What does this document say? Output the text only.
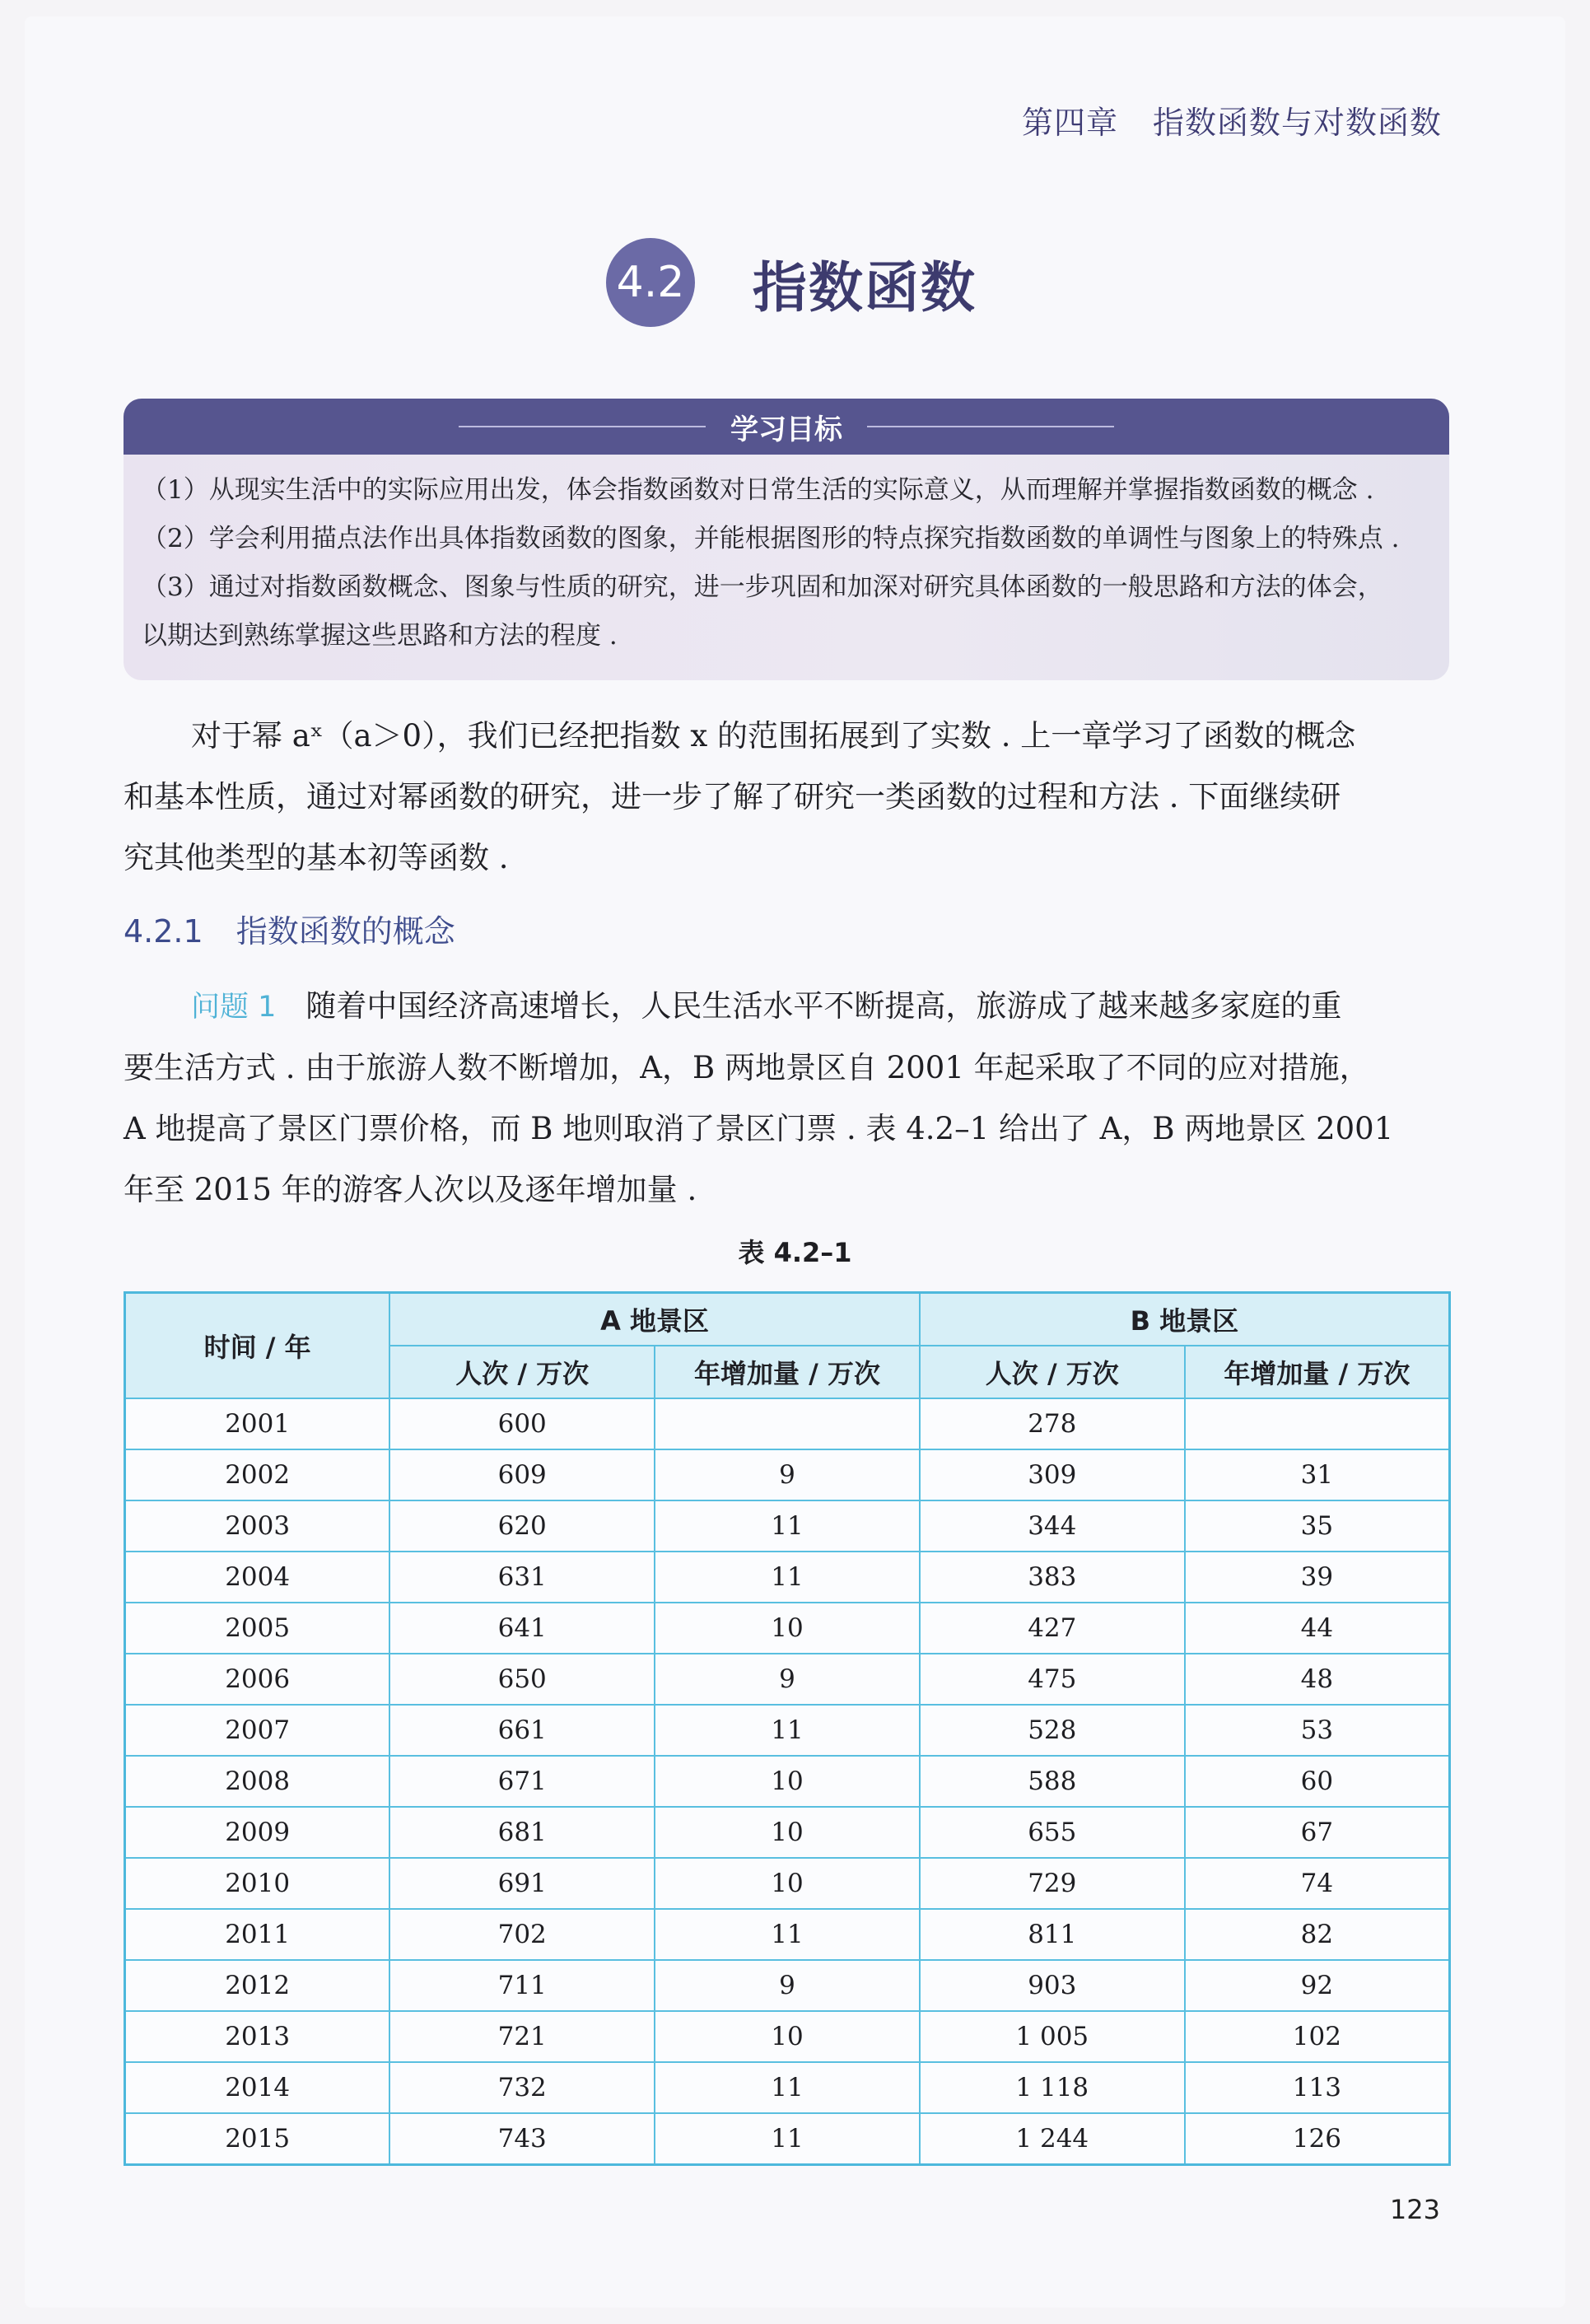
第四章 指数函数与对数函数
4.2 指数函数
学习目标

（1）从现实生活中的实际应用出发，体会指数函数对日常生活的实际意义，从而理解并掌握指数函数的概念 .

（2）学会利用描点法作出具体指数函数的图象，并能根据图形的特点探究指数函数的单调性与图象上的特殊点 .

（3）通过对指数函数概念、图象与性质的研究，进一步巩固和加深对研究具体函数的一般思路和方法的体会，

以期达到熟练掌握这些思路和方法的程度 .

对于幂 aˣ（a＞0），我们已经把指数 x 的范围拓展到了实数 . 上一章学习了函数的概念
和基本性质，通过对幂函数的研究，进一步了解了研究一类函数的过程和方法 . 下面继续研
究其他类型的基本初等函数 .
4.2.1 指数函数的概念
问题 1 随着中国经济高速增长，人民生活水平不断提高，旅游成了越来越多家庭的重
要生活方式 . 由于旅游人数不断增加，A，B 两地景区自 2001 年起采取了不同的应对措施，
A 地提高了景区门票价格，而 B 地则取消了景区门票 . 表 4.2–1 给出了 A，B 两地景区 2001
年至 2015 年的游客人次以及逐年增加量 .
表 4.2–1
时间 / 年	A 地景区		B 地景区	
	人次 / 万次	年增加量 / 万次	人次 / 万次	年增加量 / 万次
2001	600		278	
2002	609	9	309	31
2003	620	11	344	35
2004	631	11	383	39
2005	641	10	427	44
2006	650	9	475	48
2007	661	11	528	53
2008	671	10	588	60
2009	681	10	655	67
2010	691	10	729	74
2011	702	11	811	82
2012	711	9	903	92
2013	721	10	1 005	102
2014	732	11	1 118	113
2015	743	11	1 244	126
123
